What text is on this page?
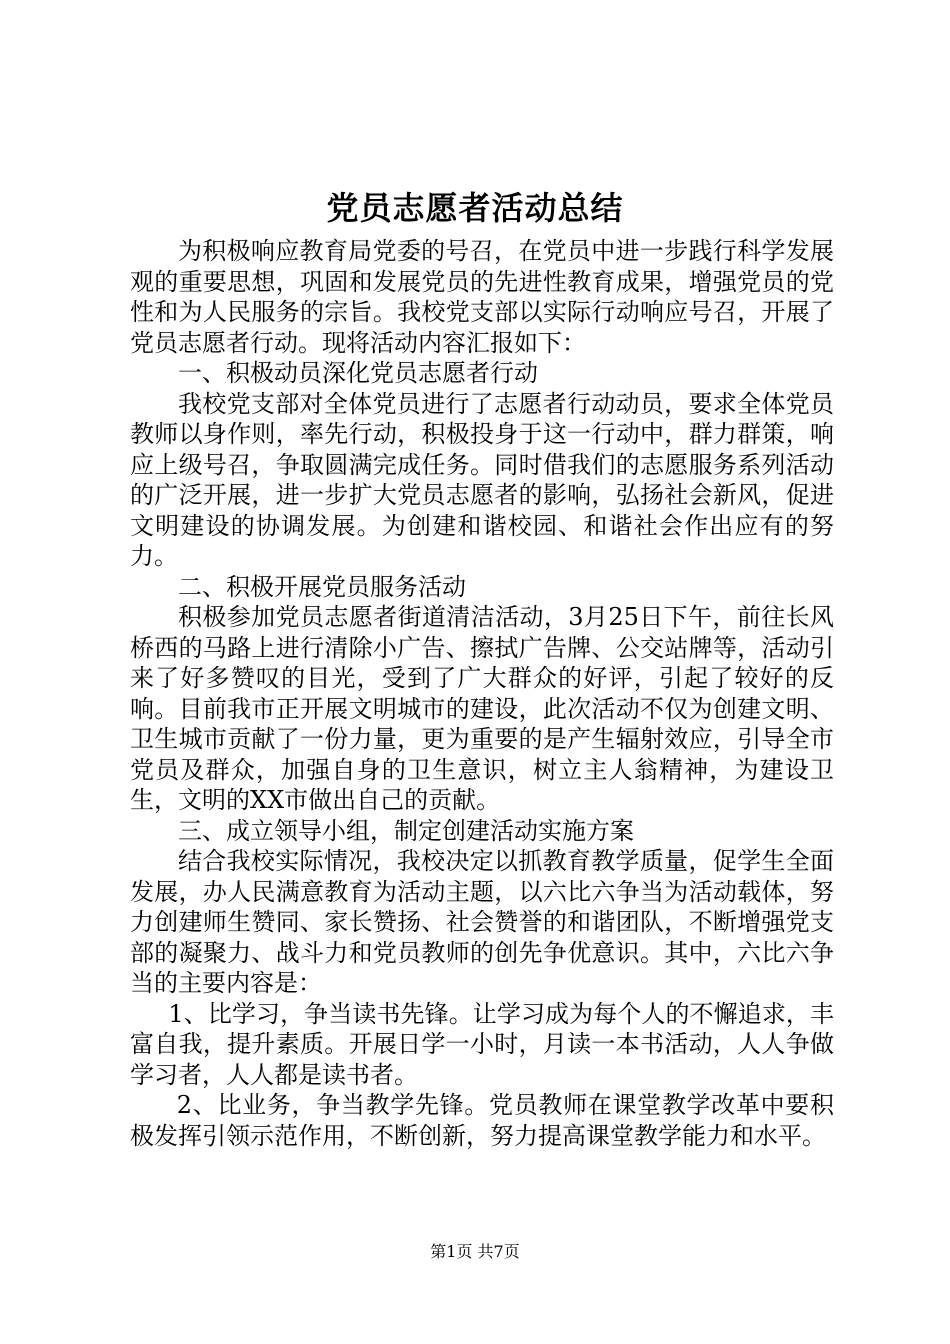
党员志愿者活动总结

为积极响应教育局党委的号召，在党员中进一步践行科学发展观的重要思想，巩固和发展党员的先进性教育成果，增强党员的党性和为人民服务的宗旨。我校党支部以实际行动响应号召，开展了党员志愿者行动。现将活动内容汇报如下：

一、积极动员深化党员志愿者行动

我校党支部对全体党员进行了志愿者行动动员，要求全体党员教师以身作则，率先行动，积极投身于这一行动中，群力群策，响应上级号召，争取圆满完成任务。同时借我们的志愿服务系列活动的广泛开展，进一步扩大党员志愿者的影响，弘扬社会新风，促进文明建设的协调发展。为创建和谐校园、和谐社会作出应有的努力。

二、积极开展党员服务活动

积极参加党员志愿者街道清洁活动，3月25日下午，前往长风桥西的马路上进行清除小广告、擦拭广告牌、公交站牌等，活动引来了好多赞叹的目光，受到了广大群众的好评，引起了较好的反响。目前我市正开展文明城市的建设，此次活动不仅为创建文明、卫生城市贡献了一份力量，更为重要的是产生辐射效应，引导全市党员及群众，加强自身的卫生意识，树立主人翁精神，为建设卫生，文明的XX市做出自己的贡献。

三、成立领导小组，制定创建活动实施方案

结合我校实际情况，我校决定以抓教育教学质量，促学生全面发展，办人民满意教育为活动主题，以六比六争当为活动载体，努力创建师生赞同、家长赞扬、社会赞誉的和谐团队，不断增强党支部的凝聚力、战斗力和党员教师的创先争优意识。其中，六比六争当的主要内容是：

1、比学习，争当读书先锋。让学习成为每个人的不懈追求，丰富自我，提升素质。开展日学一小时，月读一本书活动，人人争做学习者，人人都是读书者。

2、比业务，争当教学先锋。党员教师在课堂教学改革中要积极发挥引领示范作用，不断创新，努力提高课堂教学能力和水平。

第1页 共7页
